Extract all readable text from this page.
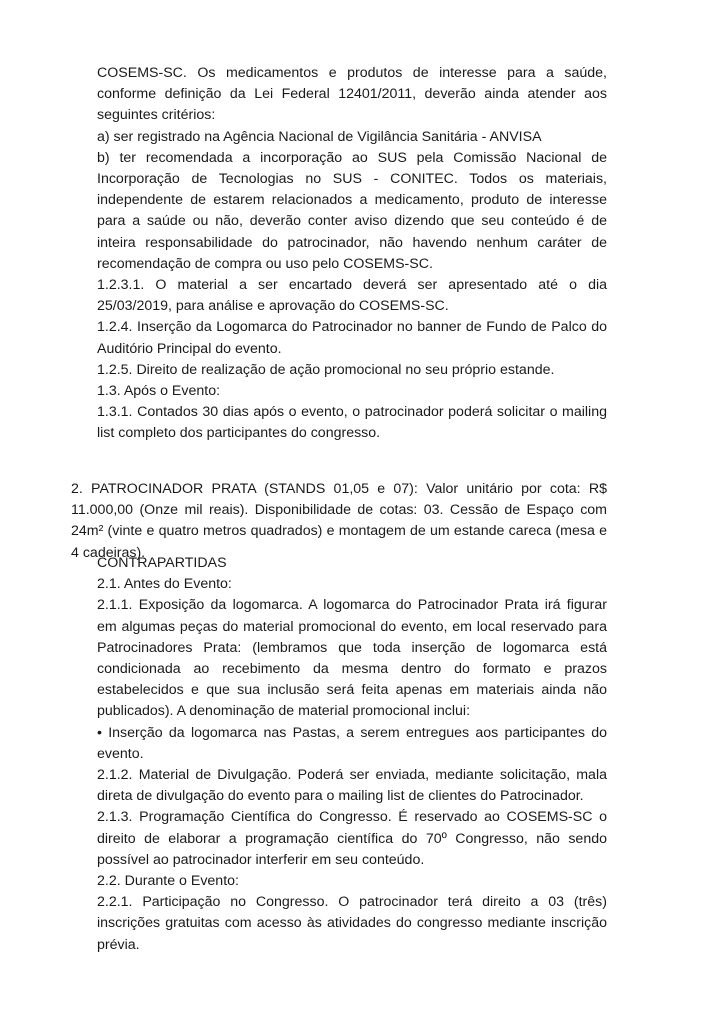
COSEMS-SC. Os medicamentos e produtos de interesse para a saúde, conforme definição da Lei Federal 12401/2011, deverão ainda atender aos seguintes critérios:
a) ser registrado na Agência Nacional de Vigilância Sanitária - ANVISA
b) ter recomendada a incorporação ao SUS pela Comissão Nacional de Incorporação de Tecnologias no SUS - CONITEC. Todos os materiais, independente de estarem relacionados a medicamento, produto de interesse para a saúde ou não, deverão conter aviso dizendo que seu conteúdo é de inteira responsabilidade do patrocinador, não havendo nenhum caráter de recomendação de compra ou uso pelo COSEMS-SC.
1.2.3.1. O material a ser encartado deverá ser apresentado até o dia 25/03/2019, para análise e aprovação do COSEMS-SC.
1.2.4. Inserção da Logomarca do Patrocinador no banner de Fundo de Palco do Auditório Principal do evento.
1.2.5. Direito de realização de ação promocional no seu próprio estande.
1.3. Após o Evento:
1.3.1. Contados 30 dias após o evento, o patrocinador poderá solicitar o mailing list completo dos participantes do congresso.
2. PATROCINADOR PRATA (STANDS 01,05 e 07): Valor unitário por cota: R$ 11.000,00 (Onze mil reais). Disponibilidade de cotas: 03. Cessão de Espaço com 24m² (vinte e quatro metros quadrados) e montagem de um estande careca (mesa e 4 cadeiras).
CONTRAPARTIDAS
2.1. Antes do Evento:
2.1.1. Exposição da logomarca. A logomarca do Patrocinador Prata irá figurar em algumas peças do material promocional do evento, em local reservado para Patrocinadores Prata: (lembramos que toda inserção de logomarca está condicionada ao recebimento da mesma dentro do formato e prazos estabelecidos e que sua inclusão será feita apenas em materiais ainda não publicados). A denominação de material promocional inclui:
• Inserção da logomarca nas Pastas, a serem entregues aos participantes do evento.
2.1.2. Material de Divulgação. Poderá ser enviada, mediante solicitação, mala direta de divulgação do evento para o mailing list de clientes do Patrocinador.
2.1.3. Programação Científica do Congresso. É reservado ao COSEMS-SC o direito de elaborar a programação científica do 70º Congresso, não sendo possível ao patrocinador interferir em seu conteúdo.
2.2. Durante o Evento:
2.2.1. Participação no Congresso. O patrocinador terá direito a 03 (três) inscrições gratuitas com acesso às atividades do congresso mediante inscrição prévia.
